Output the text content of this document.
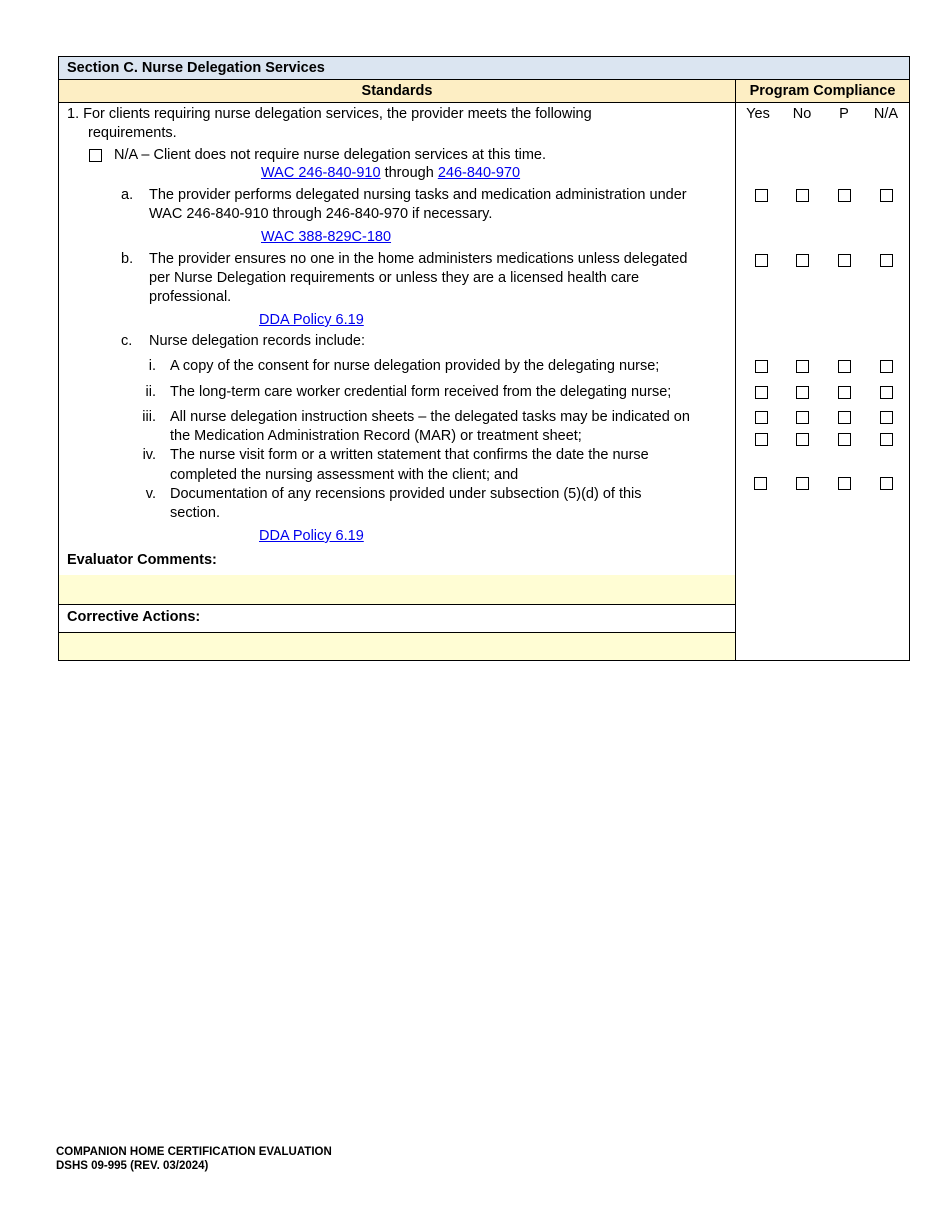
Section C. Nurse Delegation Services
Standards	Program Compliance
Yes	No	P	N/A
1. For clients requiring nurse delegation services, the provider meets the following
requirements.
N/A – Client does not require nurse delegation services at this time.
WAC 246-840-910 through 246-840-970
a. The provider performs delegated nursing tasks and medication administration under
WAC 246-840-910 through 246-840-970 if necessary.
WAC 388-829C-180
b. The provider ensures no one in the home administers medications unless delegated
per Nurse Delegation requirements or unless they are a licensed health care
professional.
DDA Policy 6.19
c. Nurse delegation records include:
i. A copy of the consent for nurse delegation provided by the delegating nurse;
ii. The long-term care worker credential form received from the delegating nurse;
iii. All nurse delegation instruction sheets – the delegated tasks may be indicated on
the Medication Administration Record (MAR) or treatment sheet;
iv. The nurse visit form or a written statement that confirms the date the nurse
completed the nursing assessment with the client; and
v. Documentation of any recensions provided under subsection (5)(d) of this
section.
DDA Policy 6.19
Evaluator Comments:
Corrective Actions:
COMPANION HOME CERTIFICATION EVALUATION
DSHS 09-995 (REV. 03/2024)
